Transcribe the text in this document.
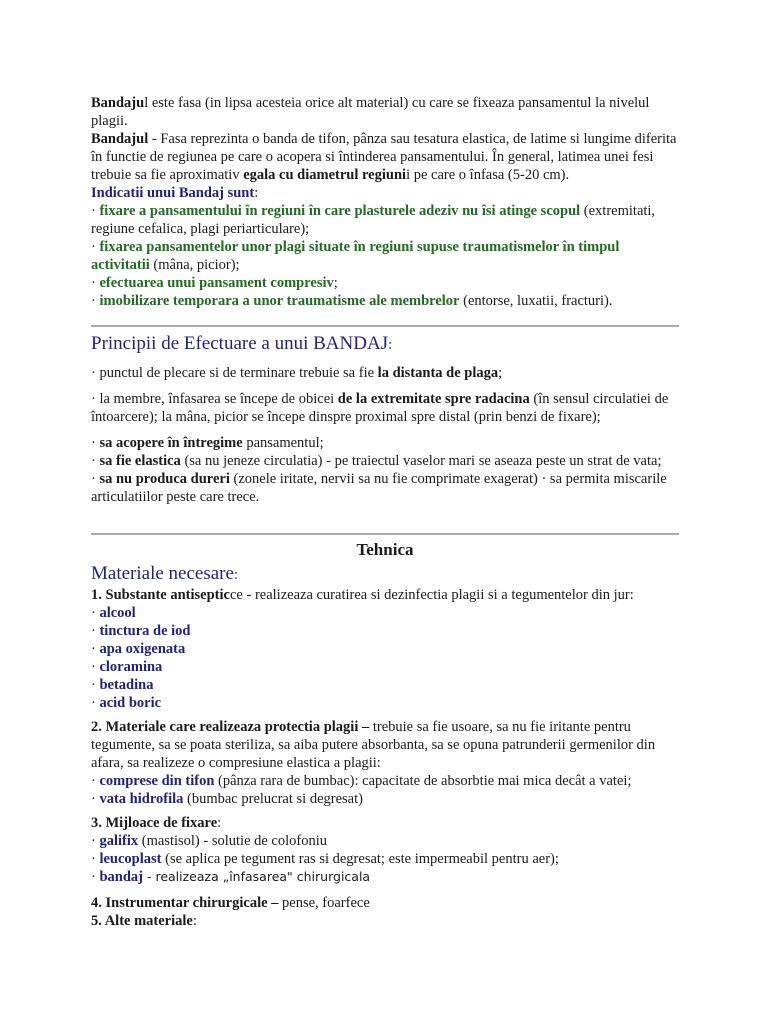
Bandajul este fasa (in lipsa acesteia orice alt material) cu care se fixeaza pansamentul la nivelul plagii.

Bandajul - Fasa reprezinta o banda de tifon, pânza sau tesatura elastica, de latime si lungime diferita în functie de regiunea pe care o acopera si întinderea pansamentului. În general, latimea unei fesi trebuie sa fie aproximativ egala cu diametrul regiunii pe care o înfasa (5-20 cm).

Indicatii unui Bandaj sunt:

· fixare a pansamentului în regiuni în care plasturele adeziv nu îsi atinge scopul (extremitati, regiune cefalica, plagi periarticulare);

· fixarea pansamentelor unor plagi situate în regiuni supuse traumatismelor în timpul activitatii (mâna, picior);

· efectuarea unui pansament compresiv;

· imobilizare temporara a unor traumatisme ale membrelor (entorse, luxatii, fracturi).

Principii de Efectuare a unui BANDAJ:

· punctul de plecare si de terminare trebuie sa fie la distanta de plaga;

· la membre, înfasarea se începe de obicei de la extremitate spre radacina (în sensul circulatiei de întoarcere); la mâna, picior se începe dinspre proximal spre distal (prin benzi de fixare);

· sa acopere în întregime pansamentul;

· sa fie elastica (sa nu jeneze circulatia) - pe traiectul vaselor mari se aseaza peste un strat de vata;

· sa nu produca dureri (zonele iritate, nervii sa nu fie comprimate exagerat) · sa permita miscarile articulatiilor peste care trece.

Tehnica

Materiale necesare:

1. Substante antisepticce - realizeaza curatirea si dezinfectia plagii si a tegumentelor din jur:

· alcool

· tinctura de iod

· apa oxigenata

· cloramina

· betadina

· acid boric

2. Materiale care realizeaza protectia plagii – trebuie sa fie usoare, sa nu fie iritante pentru tegumente, sa se poata steriliza, sa aiba putere absorbanta, sa se opuna patrunderii germenilor din afara, sa realizeze o compresiune elastica a plagii:

· comprese din tifon (pânza rara de bumbac): capacitate de absorbtie mai mica decât a vatei;

· vata hidrofila (bumbac prelucrat si degresat)

3. Mijloace de fixare:

· galifix (mastisol) - solutie de colofoniu

· leucoplast (se aplica pe tegument ras si degresat; este impermeabil pentru aer);

· bandaj - realizeaza „înfasarea" chirurgicala

4. Instrumentar chirurgicale – pense, foarfece

5. Alte materiale:
